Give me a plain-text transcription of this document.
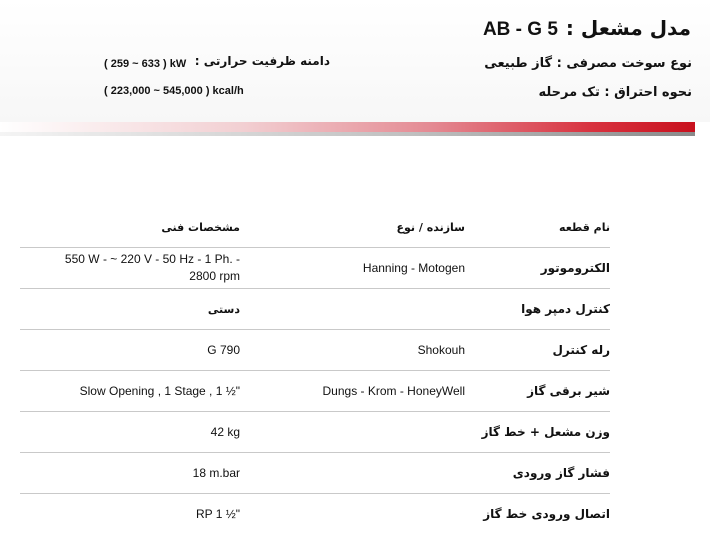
AB - G 5 مدل مشعل :
نوع سوخت مصرفی : گاز طبیعی
نحوه احتراق : تک مرحله
دامنه ظرفیت حرارتی :
( 259 ~ 633 ) kW
( 223,000 ~ 545,000 ) kcal/h
مشخصات فنی	سازنده / نوع	نام قطعه
550 W - ~ 220 V - 50 Hz - 1 Ph. - 2800 rpm	Hanning - Motogen	الکتروموتور
دستی		کنترل دمپر هوا
G 790	Shokouh	رله کنترل
Slow Opening , 1 Stage , 1 ½"	Dungs - Krom - HoneyWell	شیر برقی گاز
42 kg		وزن مشعل + خط گاز
18 m.bar		فشار گاز ورودی
RP 1 ½"		اتصال ورودی خط گاز
